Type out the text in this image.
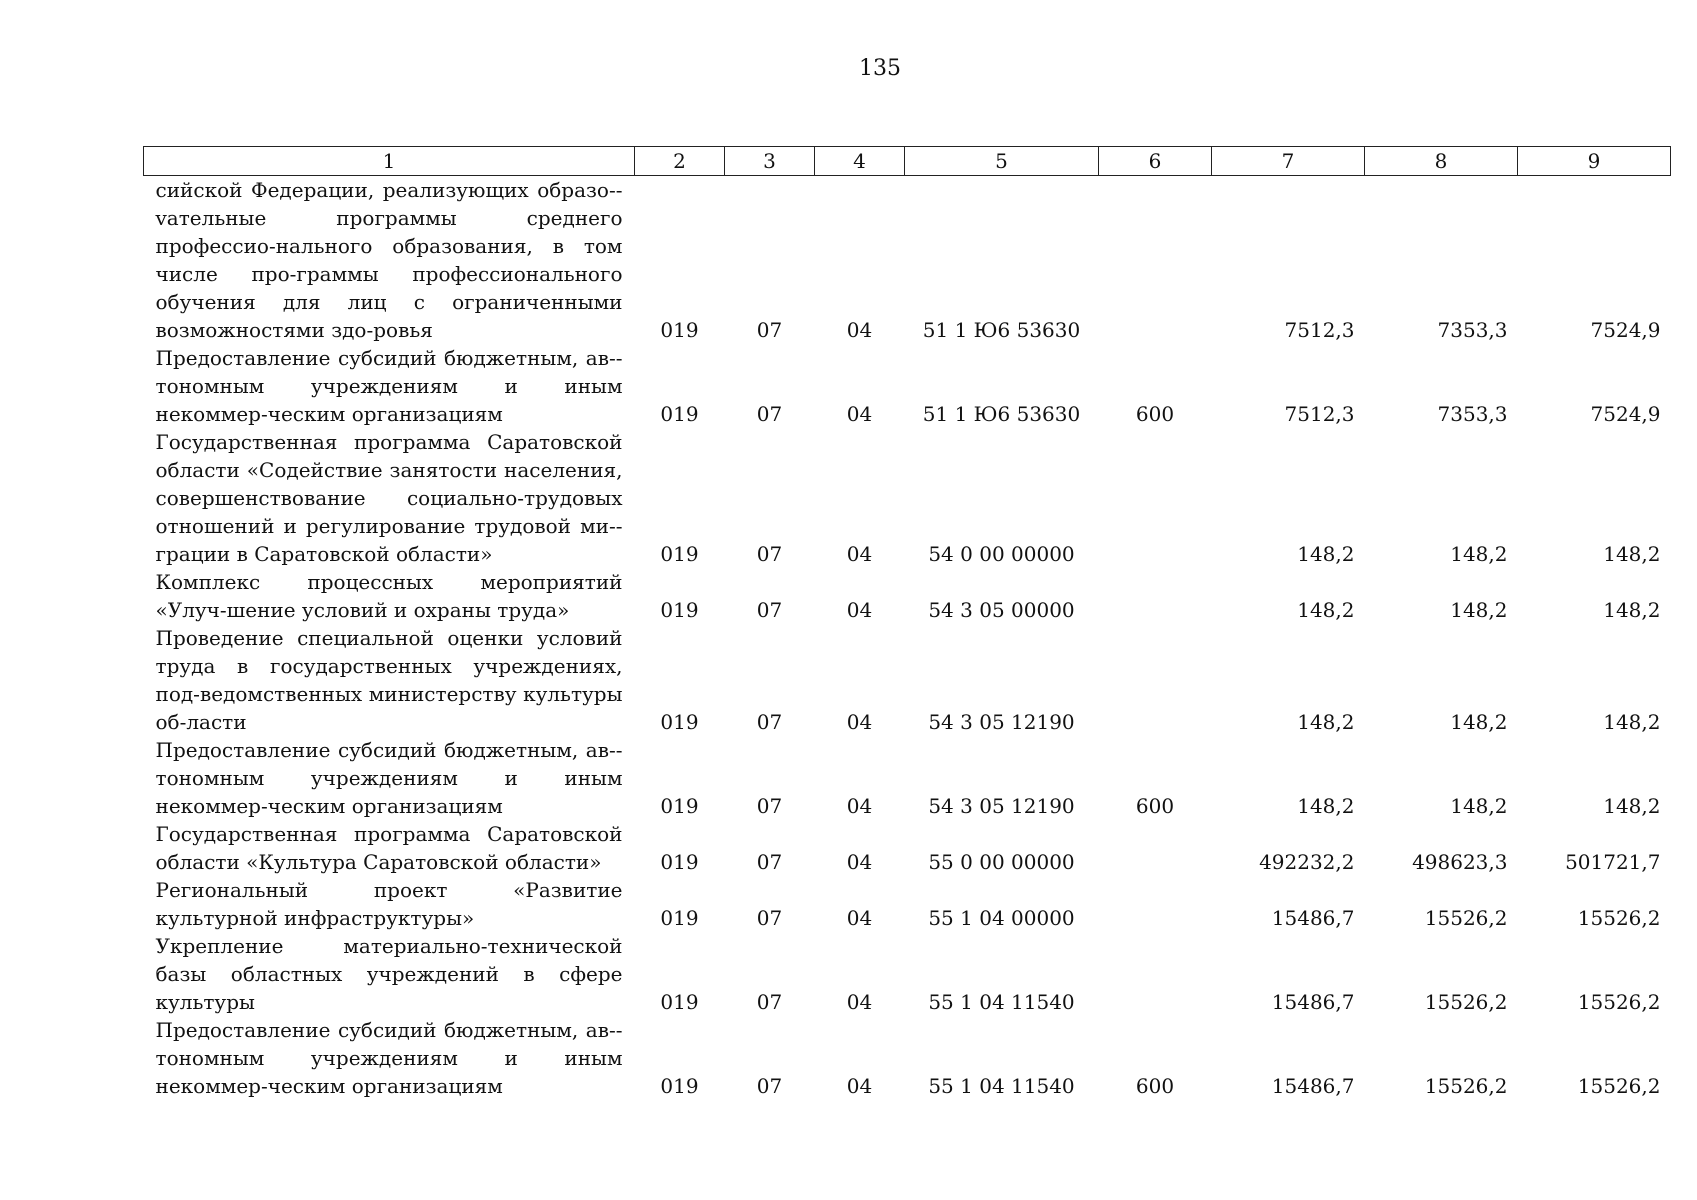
135
1	2	3	4	5	6	7	8	9
сийской Федерации, реализующих образо-vательные программы среднего профессио-нального образования, в том числе про-граммы профессионального обучения для лиц с ограниченными возможностями здо-ровья	019	07	04	51 1 Ю6 53630		7512,3	7353,3	7524,9
Предоставление субсидий бюджетным, ав-тономным учреждениям и иным некоммер-ческим организациям	019	07	04	51 1 Ю6 53630	600	7512,3	7353,3	7524,9
Государственная программа Саратовской области «Содействие занятости населения, совершенствование социально-трудовых отношений и регулирование трудовой ми-грации в Саратовской области»	019	07	04	54 0 00 00000		148,2	148,2	148,2
Комплекс процессных мероприятий «Улуч-шение условий и охраны труда»	019	07	04	54 3 05 00000		148,2	148,2	148,2
Проведение специальной оценки условий труда в государственных учреждениях, под-ведомственных министерству культуры об-ласти	019	07	04	54 3 05 12190		148,2	148,2	148,2
Предоставление субсидий бюджетным, ав-тономным учреждениям и иным некоммер-ческим организациям	019	07	04	54 3 05 12190	600	148,2	148,2	148,2
Государственная программа Саратовской области «Культура Саратовской области»	019	07	04	55 0 00 00000		492232,2	498623,3	501721,7
Региональный проект «Развитие культурной инфраструктуры»	019	07	04	55 1 04 00000		15486,7	15526,2	15526,2
Укрепление материально-технической базы областных учреждений в сфере культуры	019	07	04	55 1 04 11540		15486,7	15526,2	15526,2
Предоставление субсидий бюджетным, ав-тономным учреждениям и иным некоммер-ческим организациям	019	07	04	55 1 04 11540	600	15486,7	15526,2	15526,2
